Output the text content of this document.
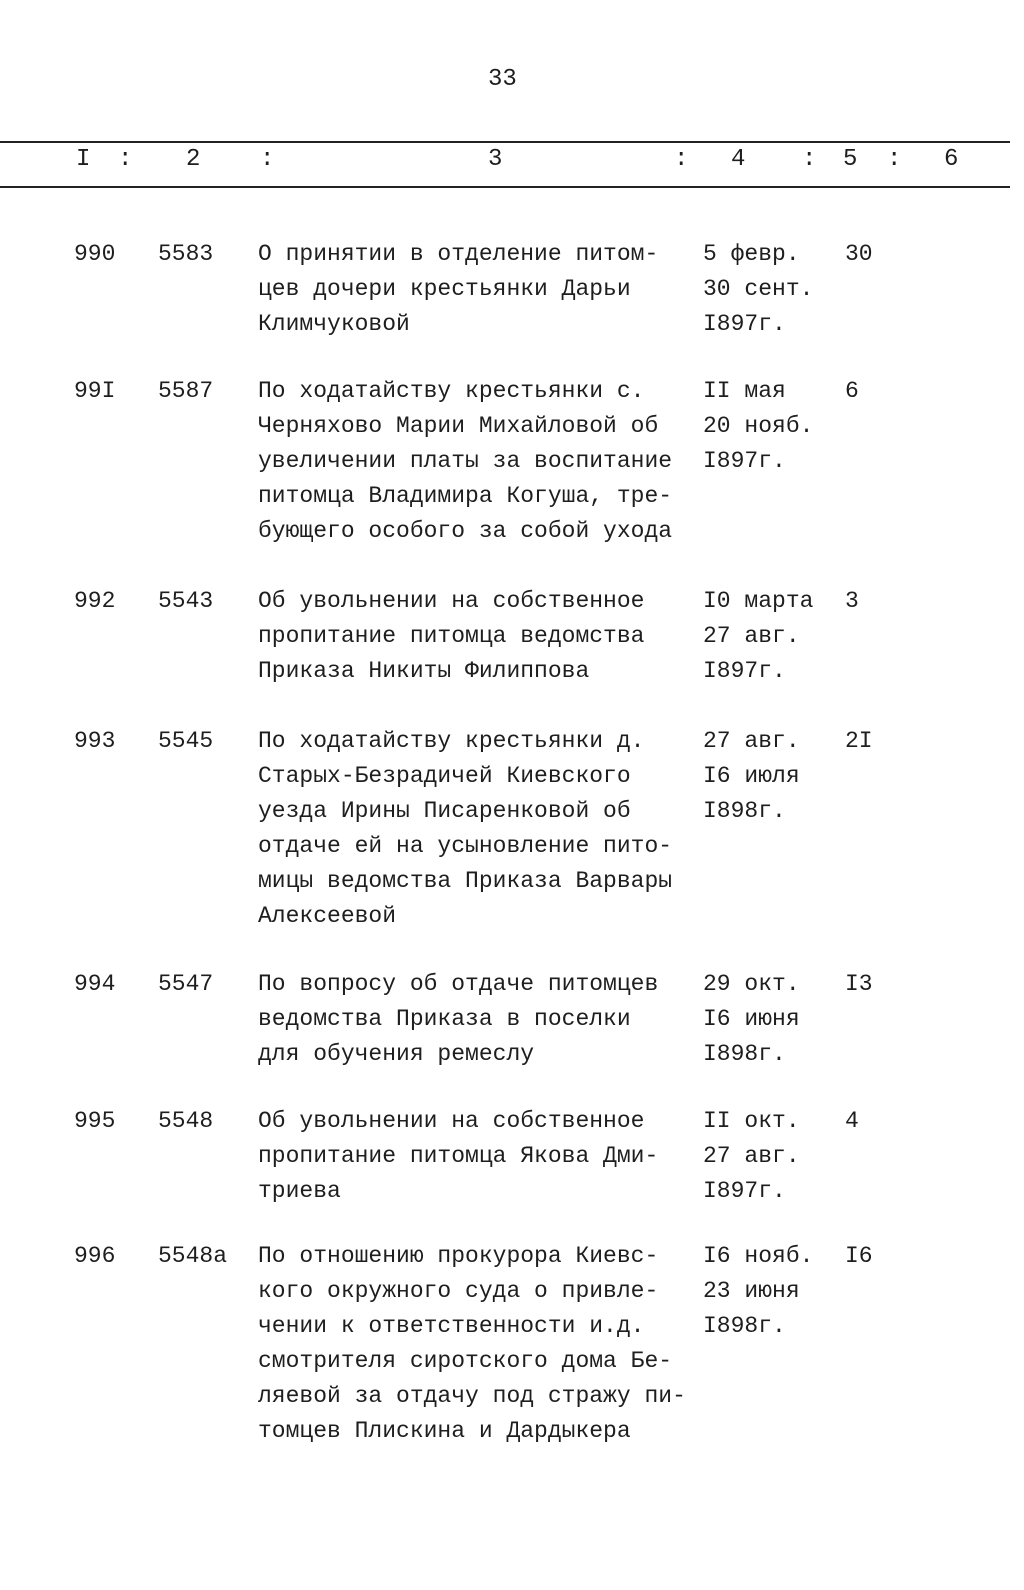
33
I : 2 :	3	: 4 : 5 : 6
990 5583 О принятии в отделение питом-
цев дочери крестьянки Дарьи
Климчуковой
5 февр.
30 сент.
I897г.
30
99I 5587 По ходатайству крестьянки с.
Черняхово Марии Михайловой об
увеличении платы за воспитание
питомца Владимира Когуша, тре-
бующего особого за собой ухода
II мая
20 нояб.
I897г.
6
992 5543 Об увольнении на собственное
пропитание питомца ведомства
Приказа Никиты Филиппова
I0 марта
27 авг.
I897г.
3
993 5545 По ходатайству крестьянки д.
Старых-Безрадичей Киевского
уезда Ирины Писаренковой об
отдаче ей на усыновление пито-
мицы ведомства Приказа Варвары
Алексеевой
27 авг.
I6 июля
I898г.
2I
994 5547 По вопросу об отдаче питомцев
ведомства Приказа в поселки
для обучения ремеслу
29 окт.
I6 июня
I898г.
I3
995 5548 Об увольнении на собственное
пропитание питомца Якова Дми-
триева
II окт.
27 авг.
I897г.
4
996 5548а По отношению прокурора Киевс-
кого окружного суда о привле-
чении к ответственности и.д.
смотрителя сиротского дома Бе-
ляевой за отдачу под стражу пи-
томцев Плискина и Дардыкера
I6 нояб.
23 июня
I898г.
I6
